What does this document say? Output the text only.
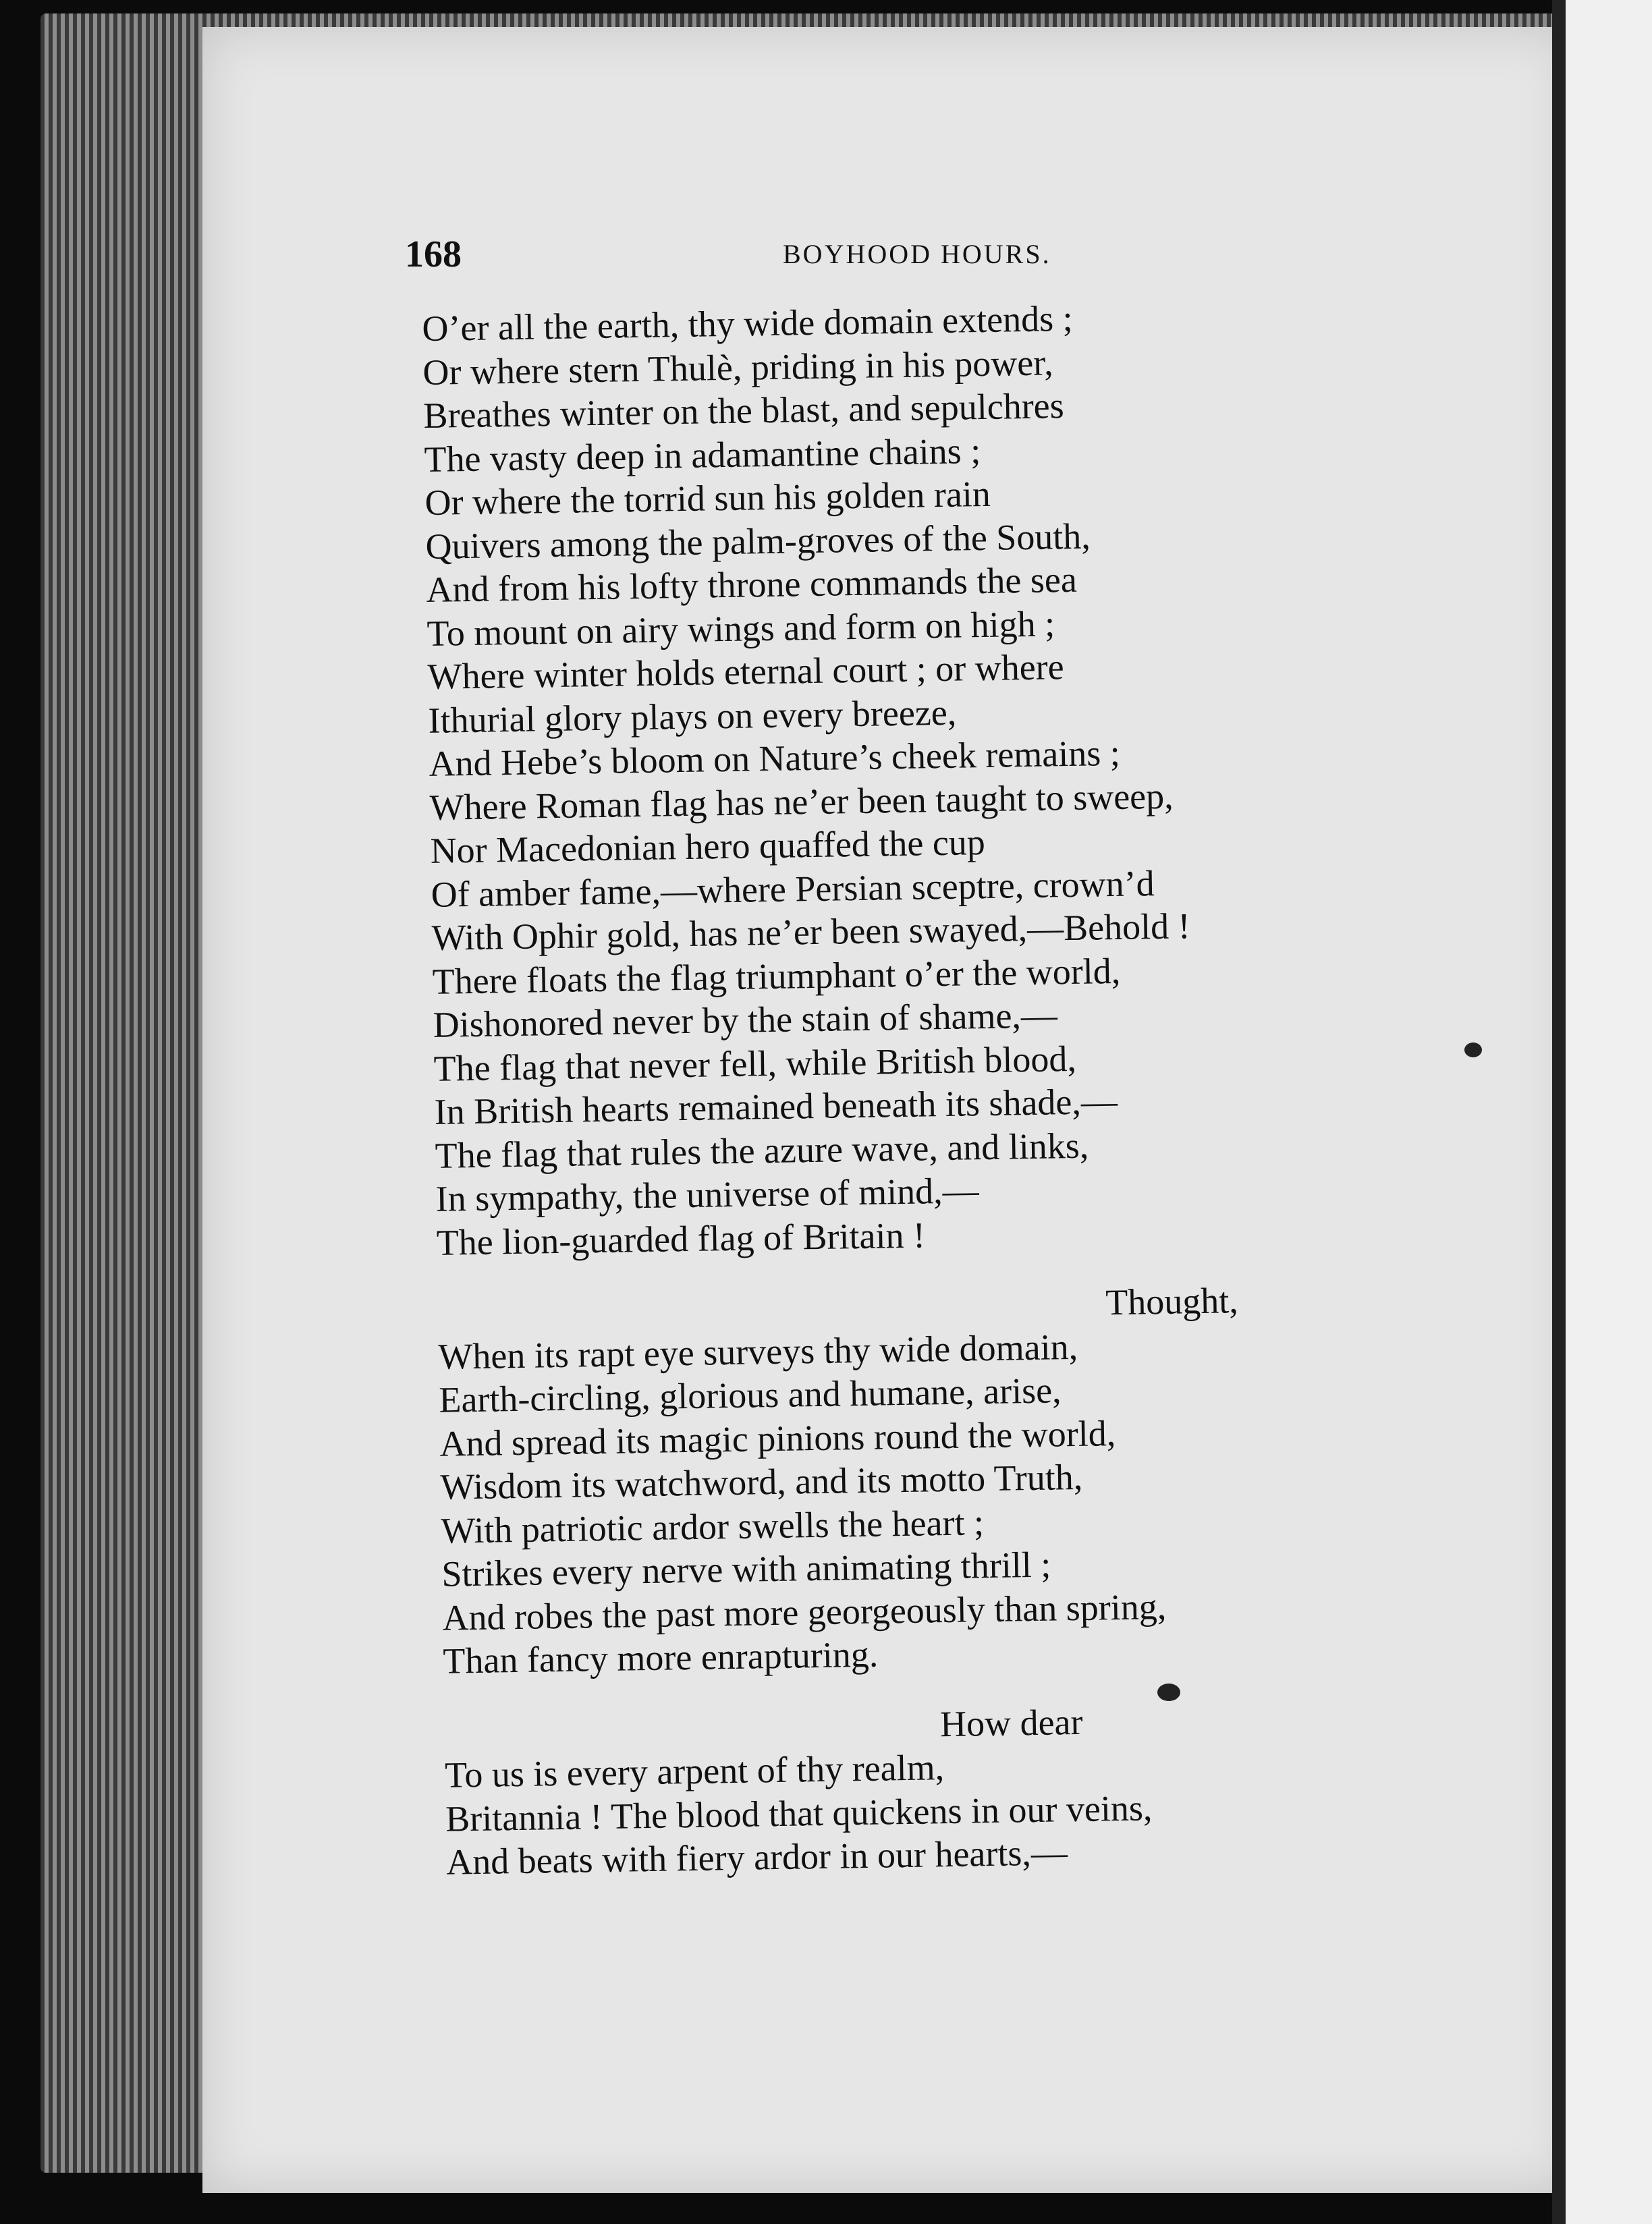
168	BOYHOOD HOURS.
O’er all the earth, thy wide domain extends ;
Or where stern Thulè, priding in his power,
Breathes winter on the blast, and sepulchres
The vasty deep in adamantine chains ;
Or where the torrid sun his golden rain
Quivers among the palm-groves of the South,
And from his lofty throne commands the sea
To mount on airy wings and form on high ;
Where winter holds eternal court ; or where
Ithurial glory plays on every breeze,
And Hebe’s bloom on Nature’s cheek remains ;
Where Roman flag has ne’er been taught to sweep,
Nor Macedonian hero quaffed the cup
Of amber fame,—where Persian sceptre, crown’d
With Ophir gold, has ne’er been swayed,—Behold !
There floats the flag triumphant o’er the world,
Dishonored never by the stain of shame,—
The flag that never fell, while British blood,
In British hearts remained beneath its shade,—
The flag that rules the azure wave, and links,
In sympathy, the universe of mind,—
The lion-guarded flag of Britain !
Thought,
When its rapt eye surveys thy wide domain,
Earth-circling, glorious and humane, arise,
And spread its magic pinions round the world,
Wisdom its watchword, and its motto Truth,
With patriotic ardor swells the heart ;
Strikes every nerve with animating thrill ;
And robes the past more georgeously than spring,
Than fancy more enrapturing.
How dear
To us is every arpent of thy realm,
Britannia ! The blood that quickens in our veins,
And beats with fiery ardor in our hearts,—
